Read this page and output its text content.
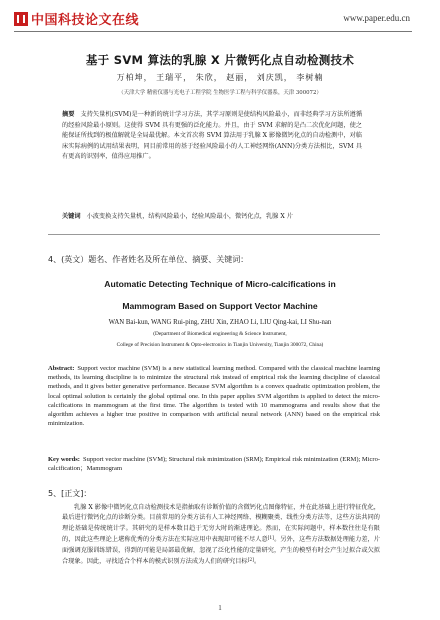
中国科技论文在线	www.paper.edu.cn
基于 SVM 算法的乳腺 X 片微钙化点自动检测技术
万柏坤， 王瑞平， 朱欣， 赵丽， 刘庆凯， 李树楠
（天津大学 精密仪器与光电子工程学院 生物医学工程与科学仪器系，天津 300072）
摘要 支持矢量机(SVM)是一种新的统计学习方法，其学习原则是使结构风险最小，而非经典学习方法所遵循的经验风险最小原则。这使得 SVM 具有更强的泛化能力。并且，由于 SVM 求解的是凸二次优化问题，使之能保证所找到的极值解就是全局最优解。本文首次将 SVM 算法用于乳腺 X 影像微钙化点的自动检测中，对临床实际病例的试用结果表明，同目前常用的基于经验风险最小的人工神经网络(ANN)分类方法相比，SVM 具有更高的识别率，值得应用推广。
关键词 小波变换支持矢量机，结构风险最小，经验风险最小，微钙化点，乳腺 X 片
4、(英文）题名、作者姓名及所在单位、摘要、关键词：
Automatic Detecting Technique of Micro-calcifications in
Mammogram Based on Support Vector Machine
WAN Bai-kun, WANG Rui-ping, ZHU Xin, ZHAO Li, LIU Qing-kai, LI Shu-nan
(Department of Biomedical engineering & Science Instrument,
College of Precision Instrument & Opto-electronics in Tianjin University, Tianjin 300072, China)
Abstract: Support vector machine (SVM) is a new statistical learning method. Compared with the classical machine learning methods, its learning discipline is to minimize the structural risk instead of empirical risk the learning discipline of classical methods, and it gives better generative performance. Because SVM algorithm is a convex quadratic optimization problem, the local optimal solution is certainly the global optimal one. In this paper applies SVM algorithm is applied to detect the micro-calcifications in mammogram at the first time. The algorithm is tested with 10 mammograms and results show that the algorithm achieves a higher true positive in comparison with artificial neural network (ANN) based on the empirical risk minimization.
Key words: Support vector machine (SVM); Structural risk minimization (SRM); Empirical risk minimization (ERM); Micro-calcification；Mammogram
5、[正文]：
乳腺 X 影像中微钙化点自动检测技术是指抽取有诊断价值的含微钙化点图像特征，并在此基础上进行特征优化，最后进行微钙化点的诊断分类。目前常用的分类方法有人工神经网络、模糊聚类、线性分类方法等，这些方法共同的理论基础是传统统计学。其研究的是样本数目趋于无穷大时的渐进理论。然而，在实际问题中，样本数往往是有限的，因此这些理论上堪称优秀的分类方法在实际应用中表现却可能不尽人意[1]。另外，这些方法数据处理能力差，片面强调克服训练错误，得到的可能是局部最优解，忽视了泛化性能的定量研究，产生的模型有时会产生过拟合或欠拟合现象。因此，寻找适合个样本的模式识别方法成为人们的研究目标[2]。
1
